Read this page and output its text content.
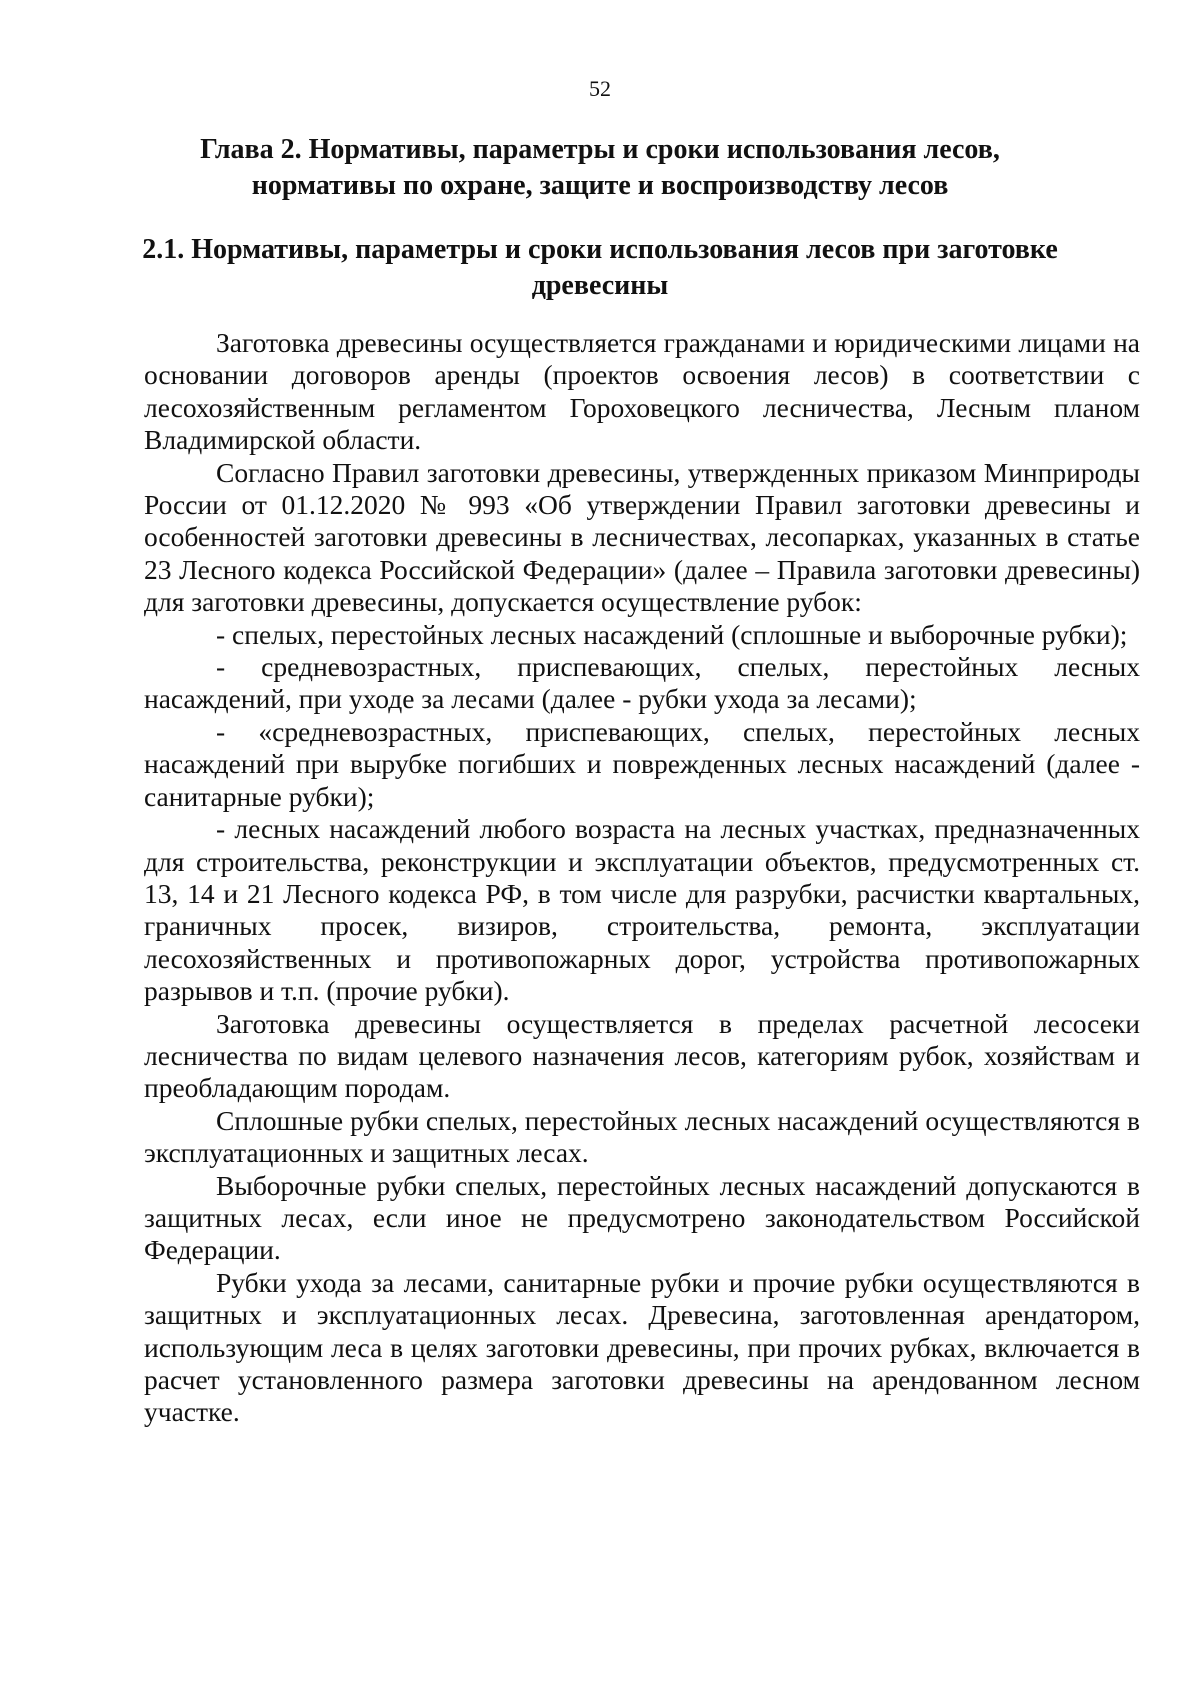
52
Глава 2. Нормативы, параметры и сроки использования лесов,
нормативы по охране, защите и воспроизводству лесов
2.1. Нормативы, параметры и сроки использования лесов при заготовке
древесины

Заготовка древесины осуществляется гражданами и юридическими лицами на основании договоров аренды (проектов освоения лесов) в соответствии с лесохозяйственным регламентом Гороховецкого лесничества, Лесным планом Владимирской области.

Согласно Правил заготовки древесины, утвержденных приказом Минприроды России от 01.12.2020 № 993 «Об утверждении Правил заготовки древесины и особенностей заготовки древесины в лесничествах, лесопарках, указанных в статье 23 Лесного кодекса Российской Федерации» (далее – Правила заготовки древесины) для заготовки древесины, допускается осуществление рубок:

- спелых, перестойных лесных насаждений (сплошные и выборочные рубки);

- средневозрастных, приспевающих, спелых, перестойных лесных насаждений, при уходе за лесами (далее - рубки ухода за лесами);

- «средневозрастных, приспевающих, спелых, перестойных лесных насаждений при вырубке погибших и поврежденных лесных насаждений (далее - санитарные рубки);

- лесных насаждений любого возраста на лесных участках, предназначенных для строительства, реконструкции и эксплуатации объектов, предусмотренных ст. 13, 14 и 21 Лесного кодекса РФ, в том числе для разрубки, расчистки квартальных, граничных просек, визиров, строительства, ремонта, эксплуатации лесохозяйственных и противопожарных дорог, устройства противопожарных разрывов и т.п. (прочие рубки).

Заготовка древесины осуществляется в пределах расчетной лесосеки лесничества по видам целевого назначения лесов, категориям рубок, хозяйствам и преобладающим породам.

Сплошные рубки спелых, перестойных лесных насаждений осуществляются в эксплуатационных и защитных лесах.

Выборочные рубки спелых, перестойных лесных насаждений допускаются в защитных лесах, если иное не предусмотрено законодательством Российской Федерации.

Рубки ухода за лесами, санитарные рубки и прочие рубки осуществляются в защитных и эксплуатационных лесах. Древесина, заготовленная арендатором, использующим леса в целях заготовки древесины, при прочих рубках, включается в расчет установленного размера заготовки древесины на арендованном лесном участке.
